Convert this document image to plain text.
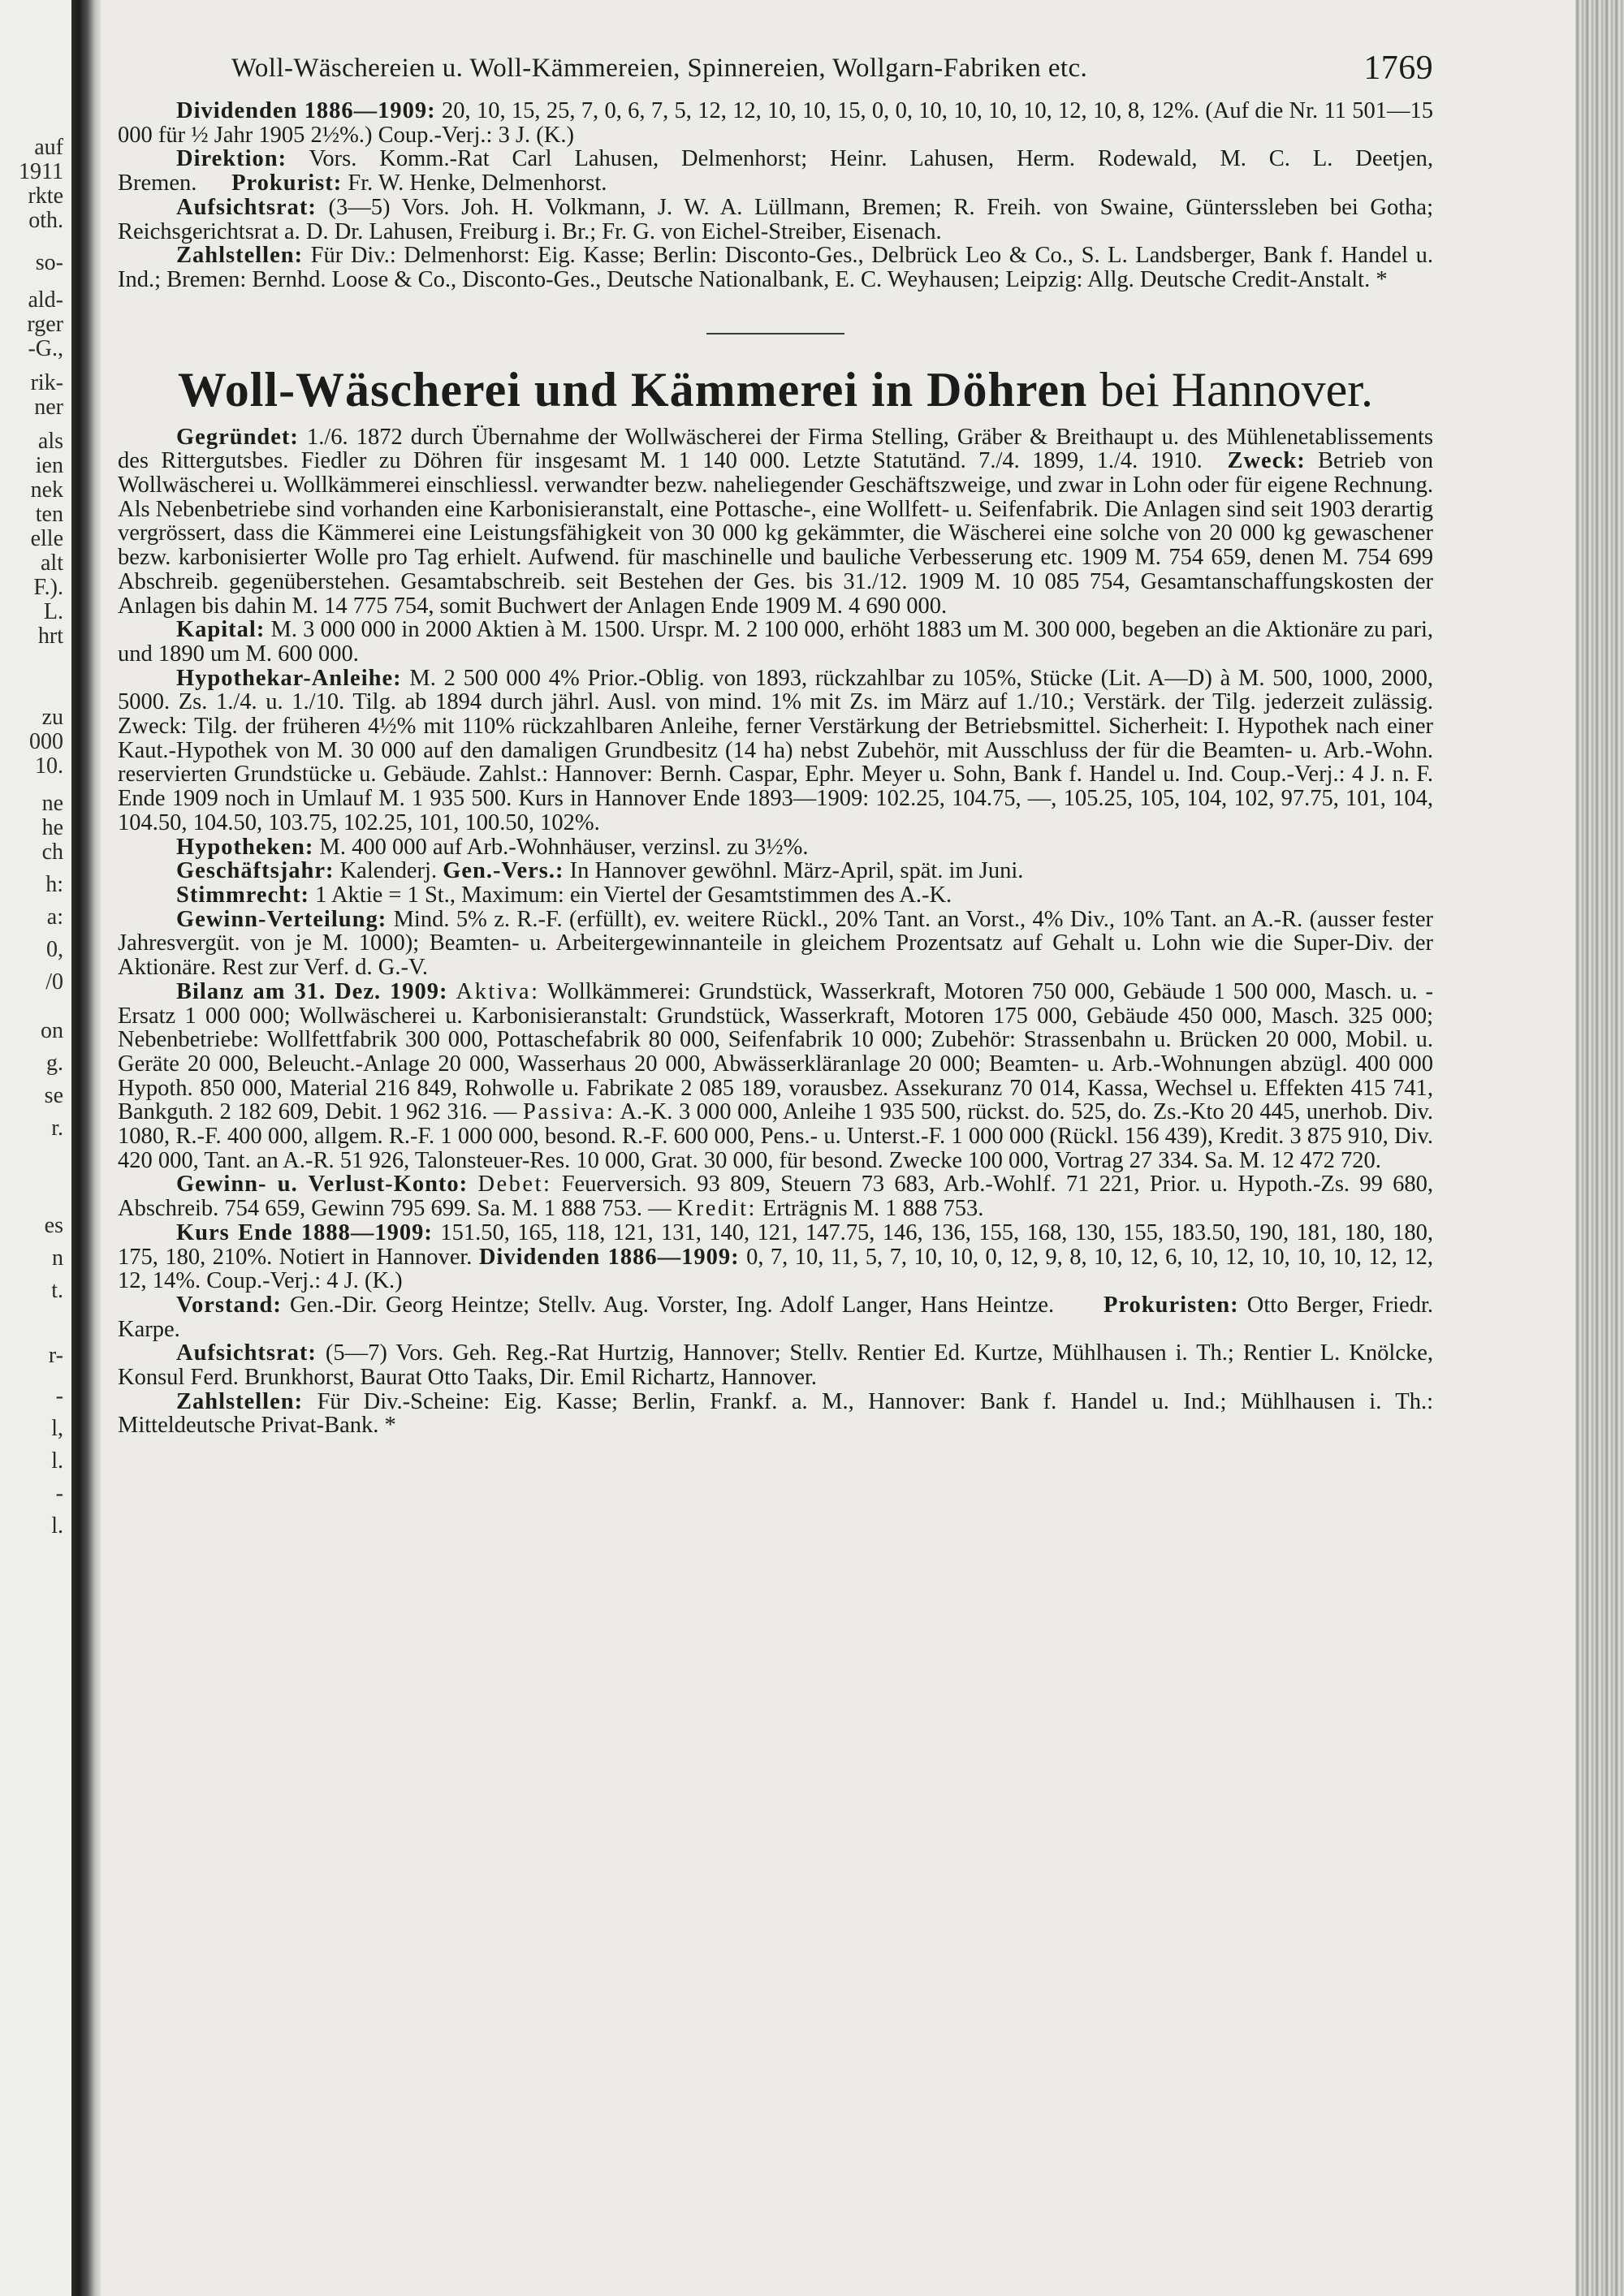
auf
1911
rkte
oth.
so-
ald-
rger
-G.,
rik-
ner
als
ien
nek
ten
elle
alt
F.).
L.
hrt
zu
000
10.
ne
he
ch
h:
a:
0,
/0
on
g.
se
r.
es
n
t.
r-
-
l,
l.
-
l.
Woll-Wäschereien u. Woll-Kämmereien, Spinnereien, Wollgarn-Fabriken etc.	1769

Dividenden 1886—1909: 20, 10, 15, 25, 7, 0, 6, 7, 5, 12, 12, 10, 10, 15, 0, 0, 10, 10, 10, 10, 12, 10, 8, 12%. (Auf die Nr. 11 501—15 000 für ½ Jahr 1905 2½%.) Coup.-Verj.: 3 J. (K.)

Direktion: Vors. Komm.-Rat Carl Lahusen, Delmenhorst; Heinr. Lahusen, Herm. Rodewald, M. C. L. Deetjen, Bremen. Prokurist: Fr. W. Henke, Delmenhorst.

Aufsichtsrat: (3—5) Vors. Joh. H. Volkmann, J. W. A. Lüllmann, Bremen; R. Freih. von Swaine, Günterssleben bei Gotha; Reichsgerichtsrat a. D. Dr. Lahusen, Freiburg i. Br.; Fr. G. von Eichel-Streiber, Eisenach.

Zahlstellen: Für Div.: Delmenhorst: Eig. Kasse; Berlin: Disconto-Ges., Delbrück Leo & Co., S. L. Landsberger, Bank f. Handel u. Ind.; Bremen: Bernhd. Loose & Co., Disconto-Ges., Deutsche Nationalbank, E. C. Weyhausen; Leipzig: Allg. Deutsche Credit-Anstalt. *

Woll-Wäscherei und Kämmerei in Döhren bei Hannover.

Gegründet: 1./6. 1872 durch Übernahme der Wollwäscherei der Firma Stelling, Gräber & Breithaupt u. des Mühlenetablissements des Rittergutsbes. Fiedler zu Döhren für insgesamt M. 1 140 000. Letzte Statutänd. 7./4. 1899, 1./4. 1910. Zweck: Betrieb von Wollwäscherei u. Wollkämmerei einschliessl. verwandter bezw. naheliegender Geschäftszweige, und zwar in Lohn oder für eigene Rechnung. Als Nebenbetriebe sind vorhanden eine Karbonisieranstalt, eine Pottasche-, eine Wollfett- u. Seifenfabrik. Die Anlagen sind seit 1903 derartig vergrössert, dass die Kämmerei eine Leistungsfähigkeit von 30 000 kg gekämmter, die Wäscherei eine solche von 20 000 kg gewaschener bezw. karbonisierter Wolle pro Tag erhielt. Aufwend. für maschinelle und bauliche Verbesserung etc. 1909 M. 754 659, denen M. 754 699 Abschreib. gegenüberstehen. Gesamtabschreib. seit Bestehen der Ges. bis 31./12. 1909 M. 10 085 754, Gesamtanschaffungskosten der Anlagen bis dahin M. 14 775 754, somit Buchwert der Anlagen Ende 1909 M. 4 690 000.

Kapital: M. 3 000 000 in 2000 Aktien à M. 1500. Urspr. M. 2 100 000, erhöht 1883 um M. 300 000, begeben an die Aktionäre zu pari, und 1890 um M. 600 000.

Hypothekar-Anleihe: M. 2 500 000 4% Prior.-Oblig. von 1893, rückzahlbar zu 105%, Stücke (Lit. A—D) à M. 500, 1000, 2000, 5000. Zs. 1./4. u. 1./10. Tilg. ab 1894 durch jährl. Ausl. von mind. 1% mit Zs. im März auf 1./10.; Verstärk. der Tilg. jederzeit zulässig. Zweck: Tilg. der früheren 4½% mit 110% rückzahlbaren Anleihe, ferner Verstärkung der Betriebsmittel. Sicherheit: I. Hypothek nach einer Kaut.-Hypothek von M. 30 000 auf den damaligen Grundbesitz (14 ha) nebst Zubehör, mit Ausschluss der für die Beamten- u. Arb.-Wohn. reservierten Grundstücke u. Gebäude. Zahlst.: Hannover: Bernh. Caspar, Ephr. Meyer u. Sohn, Bank f. Handel u. Ind. Coup.-Verj.: 4 J. n. F. Ende 1909 noch in Umlauf M. 1 935 500. Kurs in Hannover Ende 1893—1909: 102.25, 104.75, —, 105.25, 105, 104, 102, 97.75, 101, 104, 104.50, 104.50, 103.75, 102.25, 101, 100.50, 102%.

Hypotheken: M. 400 000 auf Arb.-Wohnhäuser, verzinsl. zu 3½%.

Geschäftsjahr: Kalenderj. Gen.-Vers.: In Hannover gewöhnl. März-April, spät. im Juni.

Stimmrecht: 1 Aktie = 1 St., Maximum: ein Viertel der Gesamtstimmen des A.-K.

Gewinn-Verteilung: Mind. 5% z. R.-F. (erfüllt), ev. weitere Rückl., 20% Tant. an Vorst., 4% Div., 10% Tant. an A.-R. (ausser fester Jahresvergüt. von je M. 1000); Beamten- u. Arbeitergewinnanteile in gleichem Prozentsatz auf Gehalt u. Lohn wie die Super-Div. der Aktionäre. Rest zur Verf. d. G.-V.

Bilanz am 31. Dez. 1909: Aktiva: Wollkämmerei: Grundstück, Wasserkraft, Motoren 750 000, Gebäude 1 500 000, Masch. u. -Ersatz 1 000 000; Wollwäscherei u. Karbonisieranstalt: Grundstück, Wasserkraft, Motoren 175 000, Gebäude 450 000, Masch. 325 000; Nebenbetriebe: Wollfettfabrik 300 000, Pottaschefabrik 80 000, Seifenfabrik 10 000; Zubehör: Strassenbahn u. Brücken 20 000, Mobil. u. Geräte 20 000, Beleucht.-Anlage 20 000, Wasserhaus 20 000, Abwässerkläranlage 20 000; Beamten- u. Arb.-Wohnungen abzügl. 400 000 Hypoth. 850 000, Material 216 849, Rohwolle u. Fabrikate 2 085 189, vorausbez. Assekuranz 70 014, Kassa, Wechsel u. Effekten 415 741, Bankguth. 2 182 609, Debit. 1 962 316. — Passiva: A.-K. 3 000 000, Anleihe 1 935 500, rückst. do. 525, do. Zs.-Kto 20 445, unerhob. Div. 1080, R.-F. 400 000, allgem. R.-F. 1 000 000, besond. R.-F. 600 000, Pens.- u. Unterst.-F. 1 000 000 (Rückl. 156 439), Kredit. 3 875 910, Div. 420 000, Tant. an A.-R. 51 926, Talonsteuer-Res. 10 000, Grat. 30 000, für besond. Zwecke 100 000, Vortrag 27 334. Sa. M. 12 472 720.

Gewinn- u. Verlust-Konto: Debet: Feuerversich. 93 809, Steuern 73 683, Arb.-Wohlf. 71 221, Prior. u. Hypoth.-Zs. 99 680, Abschreib. 754 659, Gewinn 795 699. Sa. M. 1 888 753. — Kredit: Erträgnis M. 1 888 753.

Kurs Ende 1888—1909: 151.50, 165, 118, 121, 131, 140, 121, 147.75, 146, 136, 155, 168, 130, 155, 183.50, 190, 181, 180, 180, 175, 180, 210%. Notiert in Hannover. Dividenden 1886—1909: 0, 7, 10, 11, 5, 7, 10, 10, 0, 12, 9, 8, 10, 12, 6, 10, 12, 10, 10, 10, 12, 12, 12, 14%. Coup.-Verj.: 4 J. (K.)

Vorstand: Gen.-Dir. Georg Heintze; Stellv. Aug. Vorster, Ing. Adolf Langer, Hans Heintze. Prokuristen: Otto Berger, Friedr. Karpe.

Aufsichtsrat: (5—7) Vors. Geh. Reg.-Rat Hurtzig, Hannover; Stellv. Rentier Ed. Kurtze, Mühlhausen i. Th.; Rentier L. Knölcke, Konsul Ferd. Brunkhorst, Baurat Otto Taaks, Dir. Emil Richartz, Hannover.

Zahlstellen: Für Div.-Scheine: Eig. Kasse; Berlin, Frankf. a. M., Hannover: Bank f. Handel u. Ind.; Mühlhausen i. Th.: Mitteldeutsche Privat-Bank. *
